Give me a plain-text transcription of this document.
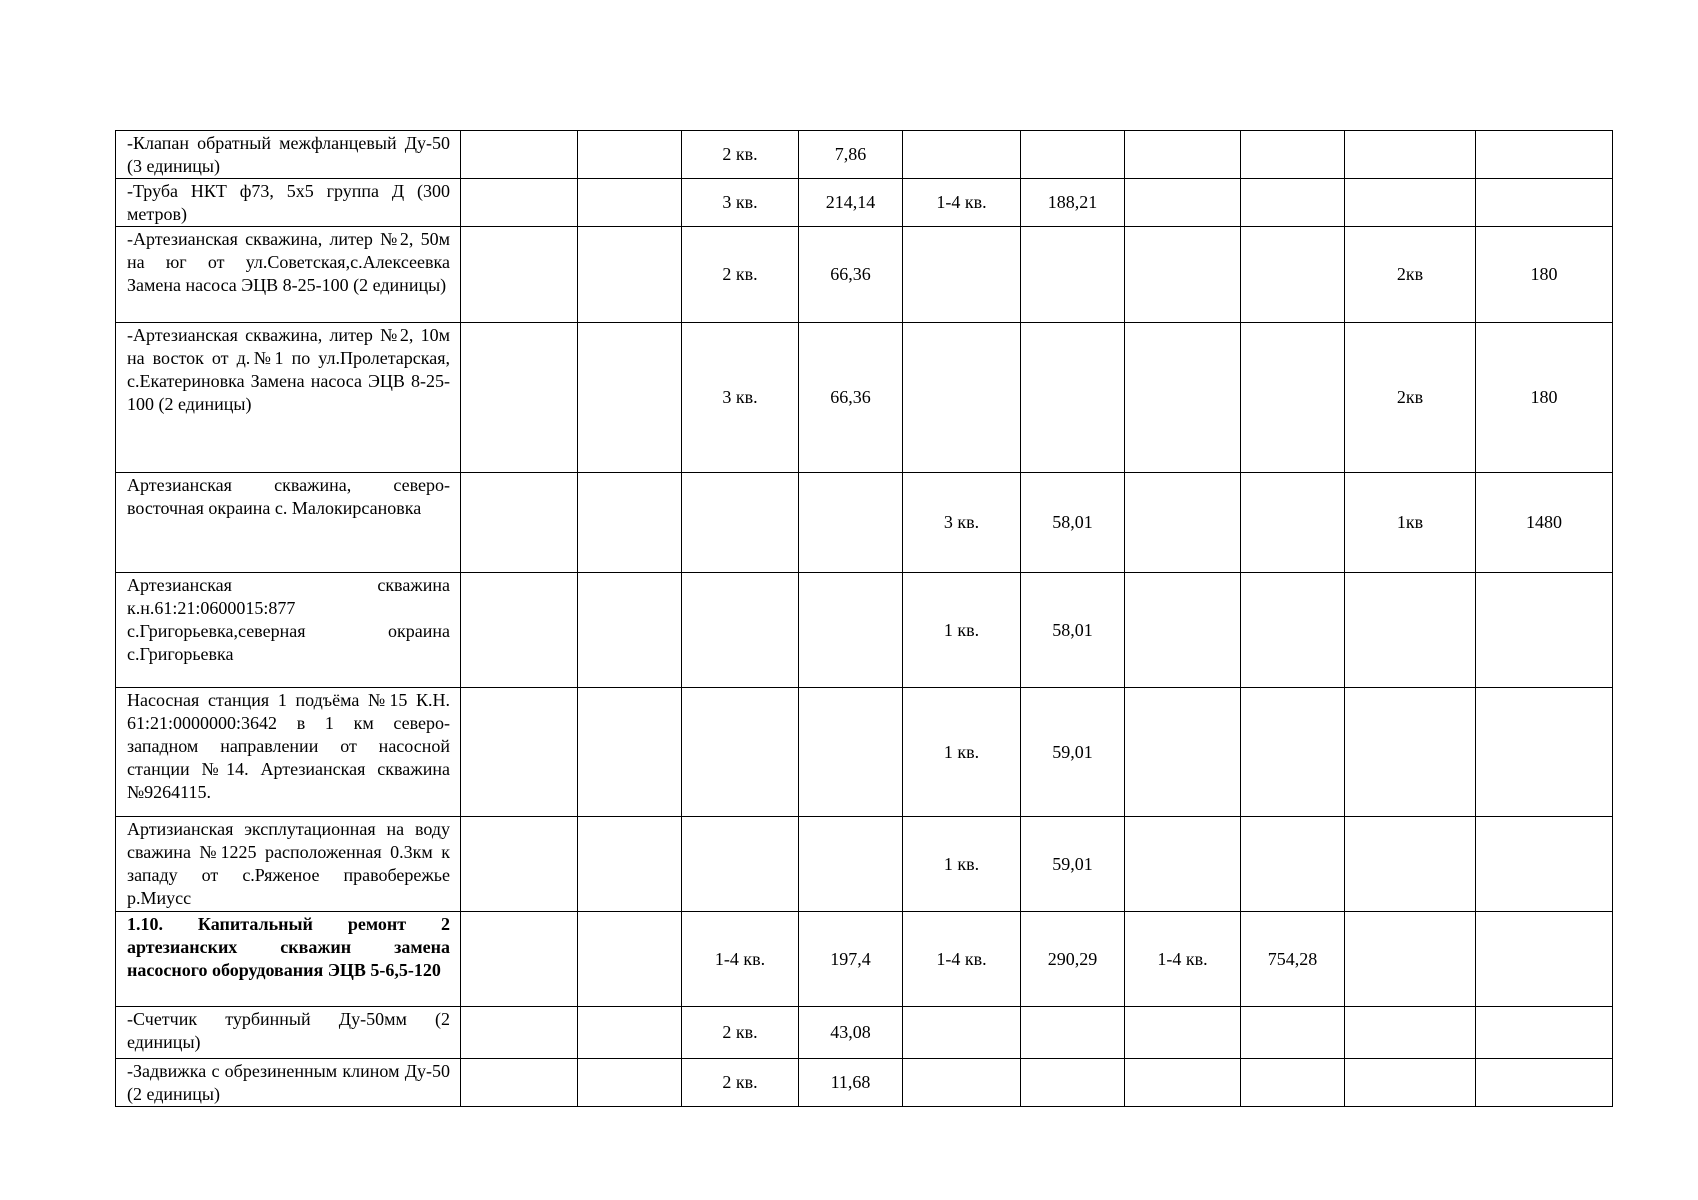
-Клапан обратный межфланцевый Ду-50 (3 единицы)			2 кв.	7,86						

-Труба НКТ ф73, 5х5 группа Д (300 метров)			3 кв.	214,14	1-4 кв.	188,21				

-Артезианская скважина, литер №2, 50м на юг от ул.Советская,с.Алексеевка Замена насоса ЭЦВ 8-25-100 (2 единицы)			2 кв.	66,36					2кв	180

-Артезианская скважина, литер №2, 10м на восток от д.№1 по ул.Пролетарская, с.Екатериновка Замена насоса ЭЦВ 8-25-100 (2 единицы)			3 кв.	66,36					2кв	180

Артезианская скважина, северо-восточная окраина с. Малокирсановка					3 кв.	58,01			1кв	1480

Артезианская скважина к.н.61:21:0600015:877 с.Григорьевка,северная окраина с.Григорьевка					1 кв.	58,01				

Насосная станция 1 подъёма №15 К.Н. 61:21:0000000:3642 в 1 км северо-западном направлении от насосной станции №14. Артезианская скважина №9264115.					1 кв.	59,01				

Артизианская эксплутационная на воду сважина №1225 расположенная 0.3км к западу от с.Ряженое правобережье р.Миусс					1 кв.	59,01				

1.10. Капитальный ремонт 2 артезианских скважин замена насосного оборудования ЭЦВ 5-6,5-120			1-4 кв.	197,4	1-4 кв.	290,29	1-4 кв.	754,28		

-Счетчик турбинный Ду-50мм (2 единицы)			2 кв.	43,08						

-Задвижка с обрезиненным клином Ду-50 (2 единицы)			2 кв.	11,68						
